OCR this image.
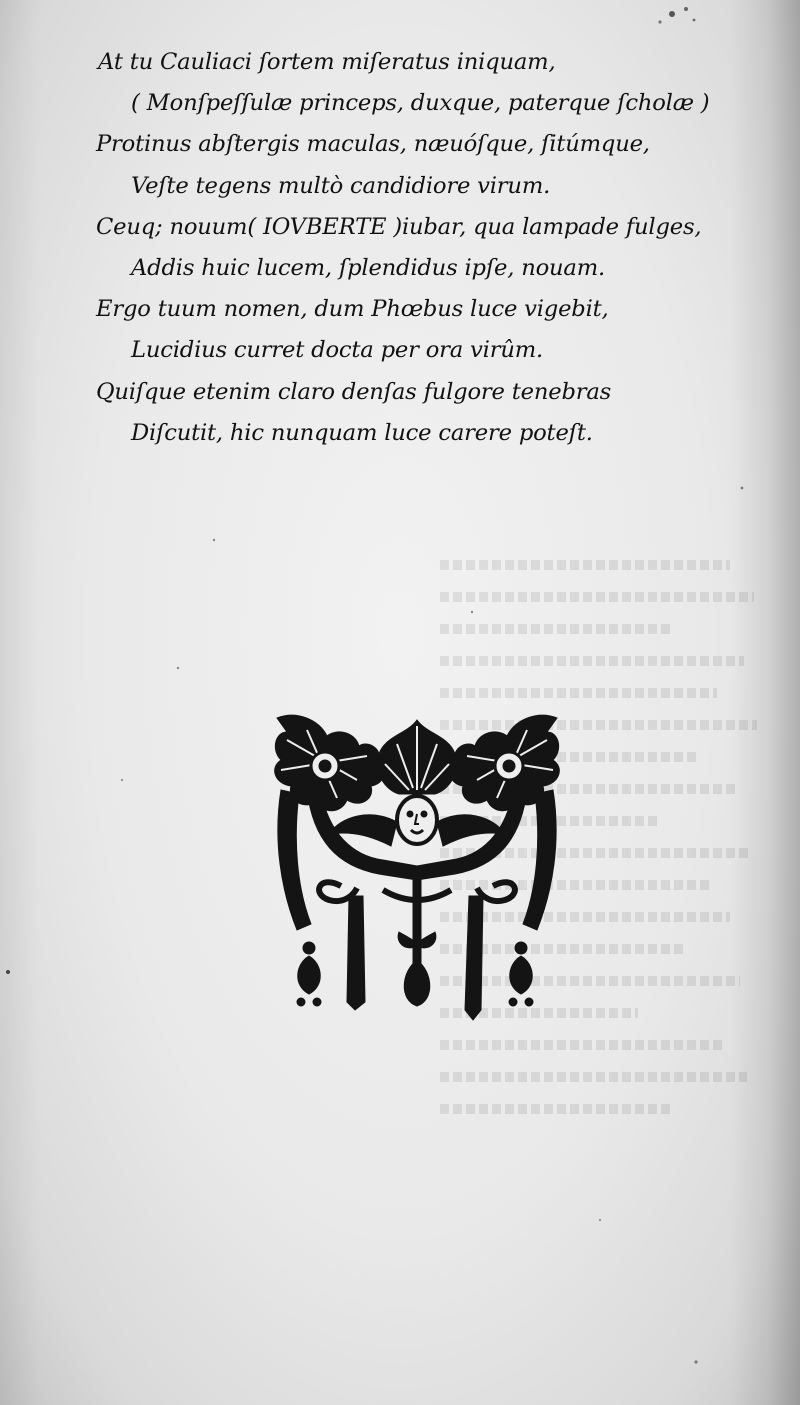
At tu Cauliaci ſortem miſeratus iniquam,
( Monſpeſſulæ princeps, duxque, paterque ſcholæ )
Protinus abſtergis maculas, næuóſque, ſitúmque,
Veſte tegens multò candidiore virum.
Ceuq; nouum( IOVBERTE )iubar, qua lampade fulges,
Addis huic lucem, ſplendidus ipſe, nouam.
Ergo tuum nomen, dum Phœbus luce vigebit,
Lucidius curret docta per ora virûm.
Quiſque etenim claro denſas fulgore tenebras
Diſcutit, hic nunquam luce carere poteſt.
